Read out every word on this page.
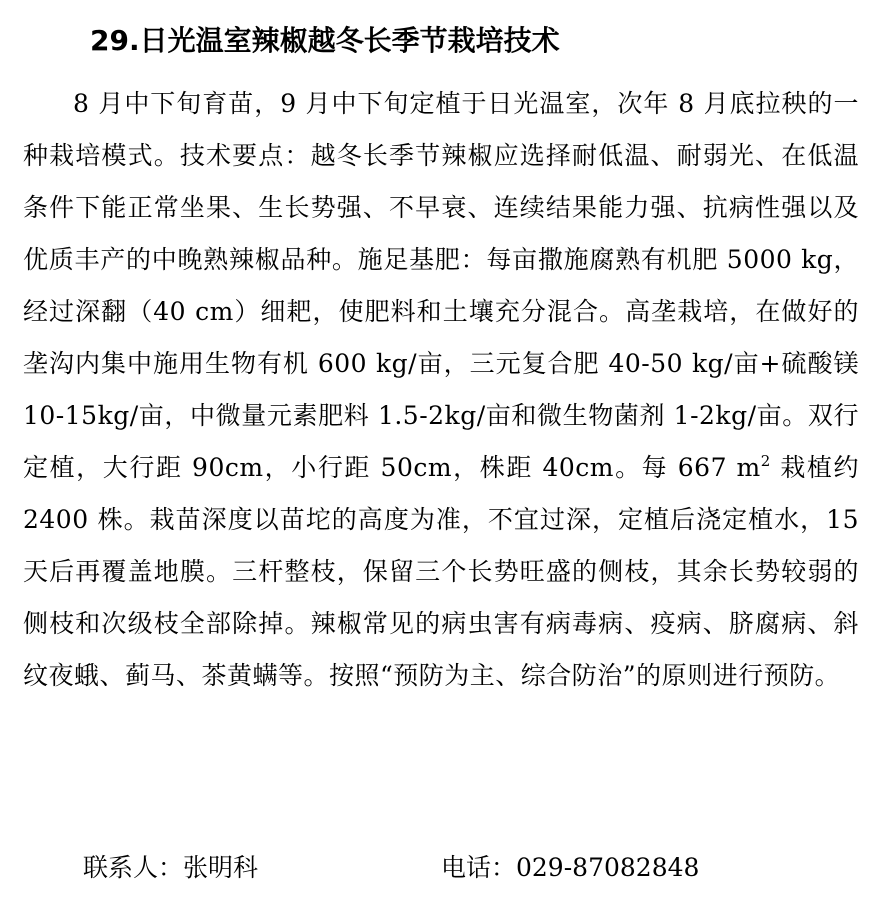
29.日光温室辣椒越冬长季节栽培技术

8 月中下旬育苗，9 月中下旬定植于日光温室，次年 8 月底拉秧的一种栽培模式。技术要点：越冬长季节辣椒应选择耐低温、耐弱光、在低温条件下能正常坐果、生长势强、不早衰、连续结果能力强、抗病性强以及优质丰产的中晚熟辣椒品种。施足基肥：每亩撒施腐熟有机肥 5000 kg，经过深翻（40 cm）细耙，使肥料和土壤充分混合。高垄栽培，在做好的垄沟内集中施用生物有机 600 kg/亩，三元复合肥 40-50 kg/亩+硫酸镁 10-15kg/亩，中微量元素肥料 1.5-2kg/亩和微生物菌剂 1-2kg/亩。双行定植，大行距 90cm，小行距 50cm，株距 40cm。每 667 $m^2$ 栽植约 2400 株。栽苗深度以苗坨的高度为准，不宜过深，定植后浇定植水，15 天后再覆盖地膜。三杆整枝，保留三个长势旺盛的侧枝，其余长势较弱的侧枝和次级枝全部除掉。辣椒常见的病虫害有病毒病、疫病、脐腐病、斜纹夜蛾、蓟马、茶黄螨等。按照“预防为主、综合防治”的原则进行预防。

联系人：张明科	电话：029-87082848
